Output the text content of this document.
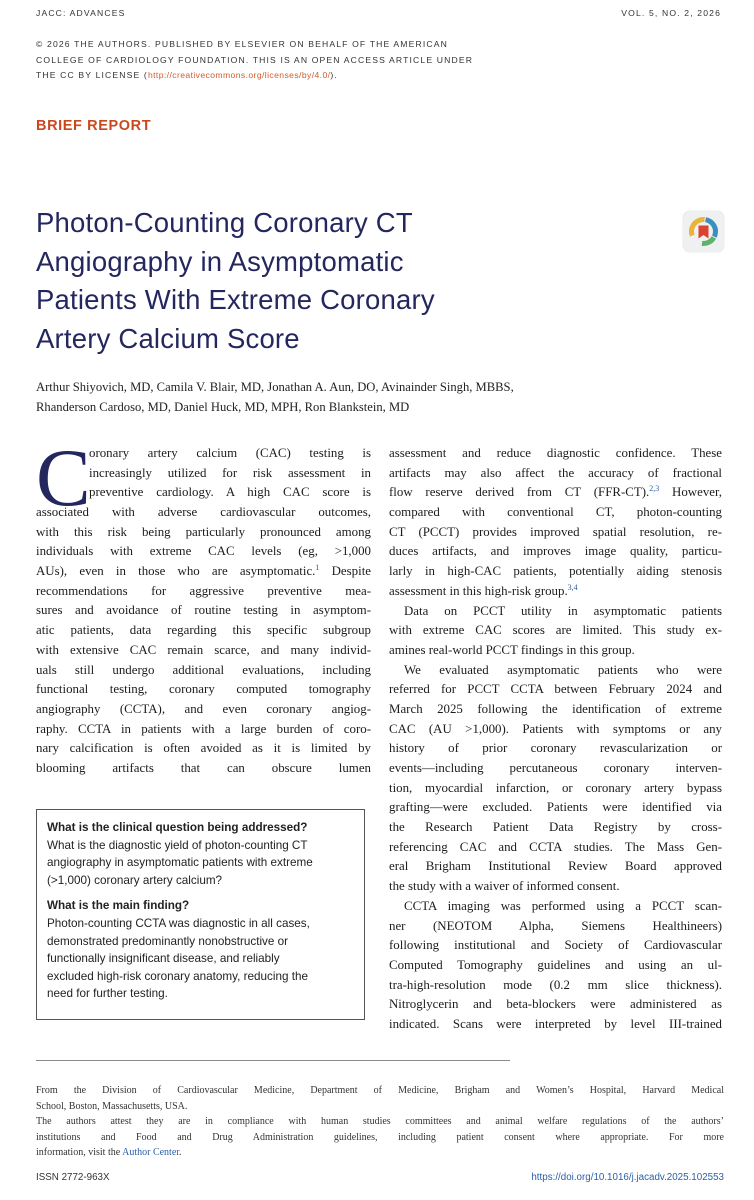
JACC: ADVANCES	VOL. 5, NO. 2, 2026
© 2026 THE AUTHORS. PUBLISHED BY ELSEVIER ON BEHALF OF THE AMERICAN
COLLEGE OF CARDIOLOGY FOUNDATION. THIS IS AN OPEN ACCESS ARTICLE UNDER
THE CC BY LICENSE (http://creativecommons.org/licenses/by/4.0/).
BRIEF REPORT
Photon-Counting Coronary CT
Angiography in Asymptomatic
Patients With Extreme Coronary
Artery Calcium Score
Arthur Shiyovich, MD, Camila V. Blair, MD, Jonathan A. Aun, DO, Avinainder Singh, MBBS,
Rhanderson Cardoso, MD, Daniel Huck, MD, MPH, Ron Blankstein, MD
C
oronary artery calcium (CAC) testing is
increasingly utilized for risk assessment in
preventive cardiology. A high CAC score is
associated with adverse cardiovascular outcomes,
with this risk being particularly pronounced among
individuals with extreme CAC levels (eg, >1,000
AUs), even in those who are asymptomatic.$^1$ Despite
recommendations for aggressive preventive mea-
sures and avoidance of routine testing in asymptom-
atic patients, data regarding this specific subgroup
with extensive CAC remain scarce, and many individ-
uals still undergo additional evaluations, including
functional testing, coronary computed tomography
angiography (CCTA), and even coronary angiog-
raphy. CCTA in patients with a large burden of coro-
nary calcification is often avoided as it is limited by
blooming artifacts that can obscure lumen
What is the clinical question being addressed?
What is the diagnostic yield of photon-counting CT
angiography in asymptomatic patients with extreme
(>1,000) coronary artery calcium?
What is the main finding?
Photon-counting CCTA was diagnostic in all cases,
demonstrated predominantly nonobstructive or
functionally insignificant disease, and reliably
excluded high-risk coronary anatomy, reducing the
need for further testing.
assessment and reduce diagnostic confidence. These
artifacts may also affect the accuracy of fractional
flow reserve derived from CT (FFR-CT).$^{2,3}$ However,
compared with conventional CT, photon-counting
CT (PCCT) provides improved spatial resolution, re-
duces artifacts, and improves image quality, particu-
larly in high-CAC patients, potentially aiding stenosis
assessment in this high-risk group.$^{3,4}$
Data on PCCT utility in asymptomatic patients
with extreme CAC scores are limited. This study ex-
amines real-world PCCT findings in this group.
We evaluated asymptomatic patients who were
referred for PCCT CCTA between February 2024 and
March 2025 following the identification of extreme
CAC (AU >1,000). Patients with symptoms or any
history of prior coronary revascularization or
events—including percutaneous coronary interven-
tion, myocardial infarction, or coronary artery bypass
grafting—were excluded. Patients were identified via
the Research Patient Data Registry by cross-
referencing CAC and CCTA studies. The Mass Gen-
eral Brigham Institutional Review Board approved
the study with a waiver of informed consent.
CCTA imaging was performed using a PCCT scan-
ner (NEOTOM Alpha, Siemens Healthineers)
following institutional and Society of Cardiovascular
Computed Tomography guidelines and using an ul-
tra-high-resolution mode (0.2 mm slice thickness).
Nitroglycerin and beta-blockers were administered as
indicated. Scans were interpreted by level III-trained
From the Division of Cardiovascular Medicine, Department of Medicine, Brigham and Women’s Hospital, Harvard Medical
School, Boston, Massachusetts, USA.
The authors attest they are in compliance with human studies committees and animal welfare regulations of the authors’
institutions and Food and Drug Administration guidelines, including patient consent where appropriate. For more
information, visit the Author Center.
ISSN 2772-963X	https://doi.org/10.1016/j.jacadv.2025.102553
